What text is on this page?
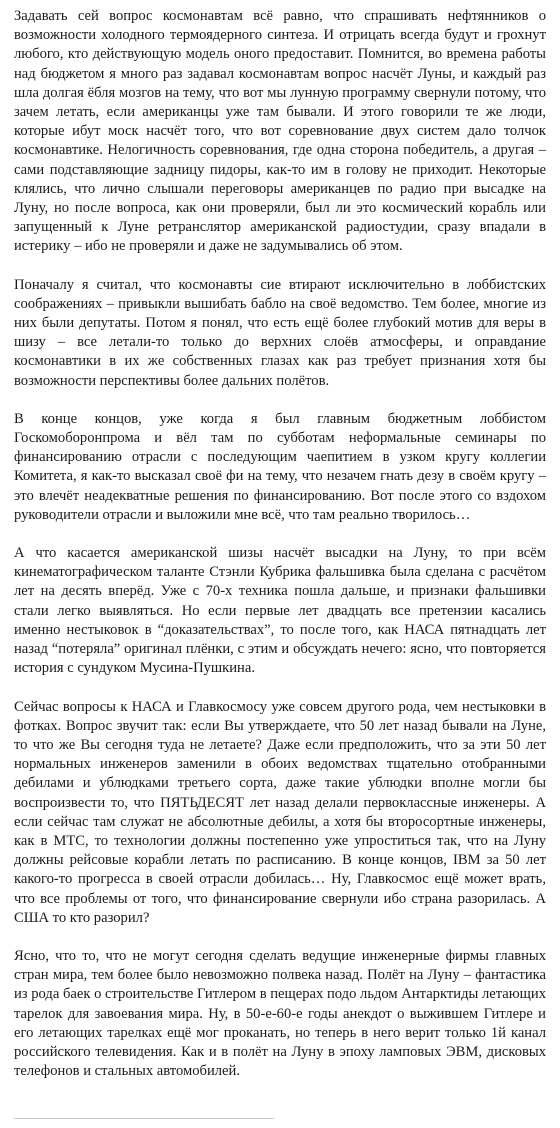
Задавать сей вопрос космонавтам всё равно, что спрашивать нефтянников о возможности холодного термоядерного синтеза. И отрицать всегда будут и грохнут любого, кто действующую модель оного предоставит. Помнится, во времена работы над бюджетом я много раз задавал космонавтам вопрос насчёт Луны, и каждый раз шла долгая ёбля мозгов на тему, что вот мы лунную программу свернули потому, что зачем летать, если американцы уже там бывали. И этого говорили те же люди, которые ибут моск насчёт того, что вот соревнование двух систем дало толчок космонавтике. Нелогичность соревнования, где одна сторона победитель, а другая – сами подставляющие задницу пидоры, как-то им в голову не приходит. Некоторые клялись, что лично слышали переговоры американцев по радио при высадке на Луну, но после вопроса, как они проверяли, был ли это космический корабль или запущенный к Луне ретранслятор американской радиостудии, сразу впадали в истерику – ибо не проверяли и даже не задумывались об этом.

Поначалу я считал, что космонавты сие втирают исключительно в лоббистских соображениях – привыкли вышибать бабло на своё ведомство. Тем более, многие из них были депутаты. Потом я понял, что есть ещё более глубокий мотив для веры в шизу – все летали-то только до верхних слоёв атмосферы, и оправдание космонавтики в их же собственных глазах как раз требует признания хотя бы возможности перспективы более дальних полётов.

В конце концов, уже когда я был главным бюджетным лоббистом Госкомоборонпрома и вёл там по субботам неформальные семинары по финансированию отрасли с последующим чаепитием в узком кругу коллегии Комитета, я как-то высказал своё фи на тему, что незачем гнать дезу в своём кругу – это влечёт неадекватные решения по финансированию. Вот после этого со вздохом руководители отрасли и выложили мне всё, что там реально творилось…

А что касается американской шизы насчёт высадки на Луну, то при всём кинематографическом таланте Стэнли Кубрика фальшивка была сделана с расчётом лет на десять вперёд. Уже с 70-х техника пошла дальше, и признаки фальшивки стали легко выявляться. Но если первые лет двадцать все претензии касались именно нестыковок в “доказательствах”, то после того, как НАСА пятнадцать лет назад “потеряла” оригинал плёнки, с этим и обсуждать нечего: ясно, что повторяется история с сундуком Мусина-Пушкина.

Сейчас вопросы к НАСА и Главкосмосу уже совсем другого рода, чем нестыковки в фотках. Вопрос звучит так: если Вы утверждаете, что 50 лет назад бывали на Луне, то что же Вы сегодня туда не летаете? Даже если предположить, что за эти 50 лет нормальных инженеров заменили в обоих ведомствах тщательно отобранными дебилами и ублюдками третьего сорта, даже такие ублюдки вполне могли бы воспроизвести то, что ПЯТЬДЕСЯТ лет назад делали первоклассные инженеры. А если сейчас там служат не абсолютные дебилы, а хотя бы второсортные инженеры, как в МТС, то технологии должны постепенно уже упроститься так, что на Луну должны рейсовые корабли летать по расписанию. В конце концов, IBM за 50 лет какого-то прогресса в своей отрасли добилась… Ну, Главкосмос ещё может врать, что все проблемы от того, что финансирование свернули ибо страна разорилась. А США то кто разорил?

Ясно, что то, что не могут сегодня сделать ведущие инженерные фирмы главных стран мира, тем более было невозможно полвека назад. Полёт на Луну – фантастика из рода баек о строительстве Гитлером в пещерах подо льдом Антарктиды летающих тарелок для завоевания мира. Ну, в 50-е-60-е годы анекдот о выжившем Гитлере и его летающих тарелках ещё мог проканать, но теперь в него верит только 1й канал российского телевидения. Как и в полёт на Луну в эпоху ламповых ЭВМ, дисковых телефонов и стальных автомобилей.
